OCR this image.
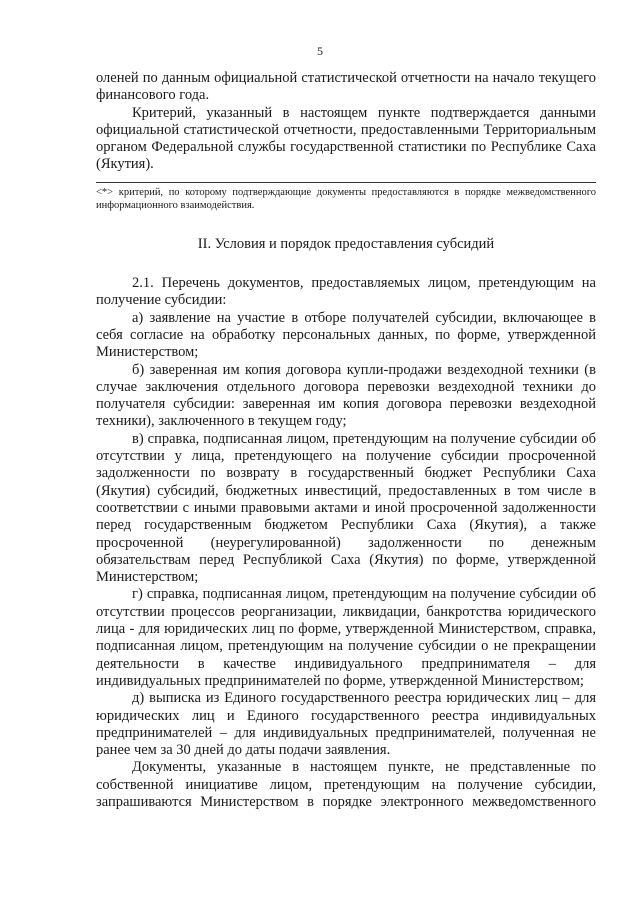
5

оленей по данным официальной статистической отчетности на начало текущего финансового года.

Критерий, указанный в настоящем пункте подтверждается данными официальной статистической отчетности, предоставленными Территориальным органом Федеральной службы государственной статистики по Республике Саха (Якутия).

<*> критерий, по которому подтверждающие документы предоставляются в порядке межведомственного информационного взаимодействия.

II. Условия и порядок предоставления субсидий

2.1. Перечень документов, предоставляемых лицом, претендующим на получение субсидии:

а) заявление на участие в отборе получателей субсидии, включающее в себя согласие на обработку персональных данных, по форме, утвержденной Министерством;

б) заверенная им копия договора купли-продажи вездеходной техники (в случае заключения отдельного договора перевозки вездеходной техники до получателя субсидии: заверенная им копия договора перевозки вездеходной техники), заключенного в текущем году;

в) справка, подписанная лицом, претендующим на получение субсидии об отсутствии у лица, претендующего на получение субсидии просроченной задолженности по возврату в государственный бюджет Республики Саха (Якутия) субсидий, бюджетных инвестиций, предоставленных в том числе в соответствии с иными правовыми актами и иной просроченной задолженности перед государственным бюджетом Республики Саха (Якутия), а также просроченной (неурегулированной) задолженности по денежным обязательствам перед Республикой Саха (Якутия) по форме, утвержденной Министерством;

г) справка, подписанная лицом, претендующим на получение субсидии об отсутствии процессов реорганизации, ликвидации, банкротства юридического лица - для юридических лиц по форме, утвержденной Министерством, справка, подписанная лицом, претендующим на получение субсидии о не прекращении деятельности в качестве индивидуального предпринимателя – для индивидуальных предпринимателей по форме, утвержденной Министерством;

д) выписка из Единого государственного реестра юридических лиц – для юридических лиц и Единого государственного реестра индивидуальных предпринимателей – для индивидуальных предпринимателей, полученная не ранее чем за 30 дней до даты подачи заявления.

Документы, указанные в настоящем пункте, не представленные по собственной инициативе лицом, претендующим на получение субсидии, запрашиваются Министерством в порядке электронного межведомственного
